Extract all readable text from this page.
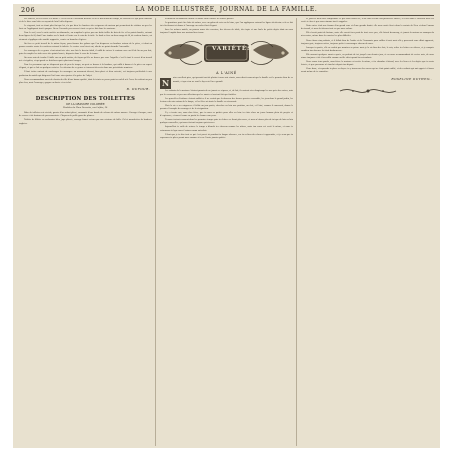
206	LA MODE ILLUSTRÉE, JOURNAL DE LA FAMILLE.
ces articles, ou les écrire à la main. C'est en fer de l'attention délicate et de la discrétion du temps, de chercher ce qui peut convenir et de le faire sans hâte en voyant de loin l'utile dépense.
Le cirgeant, tout en étant plus fini que lui, n'a pas bien les lumières des seigneurs de maison qui permettent de réduire un peu les frais en l'appliquant tout à propos. On ne l'accorde pas encore à tout ce qui se fait dans les maisons.
Pour le seul, avec la suite arrêtée un dimanche, on remplira la pièce par une boîte taillée de bois de fer et les points bordés, suivant deux lignes de fil, dont l'une tombe sur le bord et l'autre sur le coin de la toile. Le fond se fera en deux rangs de fil, de couleur foncée, où viennent s'appliquer des motifs rapportés, semés en branches légères.
On fera ce petit travail de la même façon, pour former des galons que l'on disposera en bordure autour de la pièce, et dont on pourra ensuite varier les couleurs suivant la toilette. Le centre sera laissé uni, afin de ne point alourdir l'ensemble.
Les ouvrages de ce genre s'exécutent très vite; une fois le dessin établi, il suffit de suivre le contour avec un fil de lin un peu fort, puis de remplir les vides avec des points lancés, disposés dans le sens de la trame.
On aura soin de tendre l'étoffe sur un petit métier, de façon qu'elle ne fronce pas sous l'aiguille; c'est là tout le secret d'un travail net et régulier, et qui garde sa fraîcheur après plusieurs lavages.
Pour les personnes qui ne disposent que de peu de temps, on peut se borner à la bordure, qui suffit à donner à la pièce un aspect élégant, et qui se fait en quelques soirées. Les dessins de ce genre se trouvent du reste dans nos précédents numéros.
Il faut éviter surtout de surcharger les ouvrages; un ornement discret, bien placé et bien exécuté, est toujours préférable à une profusion de motifs qui fatiguent l'œil sans rien ajouter à la grâce de l'objet.
Nous recommandons aussi de choisir des fils d'une bonne qualité, dont la teinte ne passe point au soleil ni à l'eau; ils coûtent un peu plus cher, mais l'ouvrage y gagne en durée et en éclat.
B. DUFOUR.
DESCRIPTION DES TOILETTES
DE LA GRAVURE COLORIÉE
Modèles de Mme Fauvette, rue Lafitte, 24.
Robe de taffetas vert réséda, garnie d'un volant plissé, surmonté d'une bande de velours de même nuance. Corsage à basque, orné de revers et de boutons de passementerie. Chapeau de paille garni de plumes.
Toilette de fillette en cachemire bleu, jupe plissée, corsage froncé retenu par une ceinture de faille. Col et manchettes de broderie anglaise.
la broderie on donnera ensuite le même soin à toutes les autres parties.
La garniture peut être faite de même, avec un galon de soie ou de laine, que l'on appliquera suivant les lignes du dessin; cela se fait très facilement et donne à l'ouvrage un cachet fort élégant.
Avec les mêmes motifs, on pourra orner des coussins, des dessus de table, des tapis et une foule de petits objets dont on aura toujours l'emploi dans une maison bien tenue.
VARIÉTÉS
A L'AINÉ
N	otre excellent père, qui prenait tant de plaisir à nous voir réunis, nous disait souvent que la famille est le premier bien de ce monde, et que rien ne vaut le foyer où l'on a grandi.
Les enfants de la maison s'étaient promis de ne jamais se séparer, et, de fait, ils avaient vécu longtemps les uns près des autres, unis par les souvenirs et par une affection que les années n'avaient fait que fortifier.
Les querelles d'enfance étaient oubliées; il ne restait que la douceur des heures passées ensemble, les jeux dans le grand jardin, les lectures du soir autour de la lampe, et les fêtes où toute la famille se retrouvait.
Mais la vie a ses exigences; il fallut un jour partir, chercher au loin une position, un état, et l'aîné, comme il convenait, donna le premier l'exemple du courage et de la résignation.
Il y a trente ans, mon cher frère, que tu nous as quittés pour aller au loin; tu étais alors un jeune homme plein de projets et d'espérance, et nous t'avons vu partir les larmes aux yeux.
Tu nous écrivais souvent dans les premiers temps; puis tes lettres se firent plus rares, et nous n'eûmes plus de toi que de loin en loin quelques nouvelles, qui nous étaient toujours précieuses.
Aujourd'hui te voilà de retour; le temps a blanchi tes cheveux comme les nôtres, mais ton cœur est resté le même, et nous te retrouvons tel que nous t'avions connu autrefois.
Il faut que je te dise tout ce qui s'est passé ici pendant ta longue absence, car tu as bien des choses à apprendre, et je veux que tu reprennes ta place parmi nous comme si tu ne l'avais jamais quittée.
et, pour te bien faire comprendre ce que nous avons été, il me faut revenir aux premières années, à celles dont le souvenir nous est resté si cher et que nous aimons tant à rappeler.
Notre mère était une femme d'un grand sens et d'une grande bonté; elle nous avait élevés dans la crainte de Dieu et dans l'amour du travail, et nous lui devons tout ce que nous valons.
Elle n'avait point de fortune, mais elle savait tirer parti de tout; avec peu, elle faisait beaucoup, et jamais la maison ne manqua du nécessaire, même dans les années les plus difficiles.
Nous étions cinq enfants, et il fallait bien de l'ordre et de l'économie pour suffire à tout; mais elle y parvenait sans effort apparent, toujours gaie, toujours active, toujours prête à encourager chacun de nous.
Lorsque tu partis, elle ne voulut pas montrer sa peine; mais je la vis bien des fois, le soir, relire tes lettres en silence, et je compris combien ton absence lui était douloureuse.
Elle mourut quelques années après, en parlant de toi jusqu'à son dernier jour, et en nous recommandant de rester unis, de nous aimer toujours et de t'accueillir comme un fils chéri quand tu reviendrais.
Nous avons tenu parole, mon frère; la maison est restée la même, et ta chambre t'attend, avec les livres et les objets que tu avais laissés, et que personne n'a touchés depuis ton départ.
Viens donc, et reprends ta place au foyer; tu y trouveras des cœurs qui ne t'ont point oublié, et des enfants qui ont appris à t'aimer avant même de te connaître.
ROSELINE DUTHEIL.
